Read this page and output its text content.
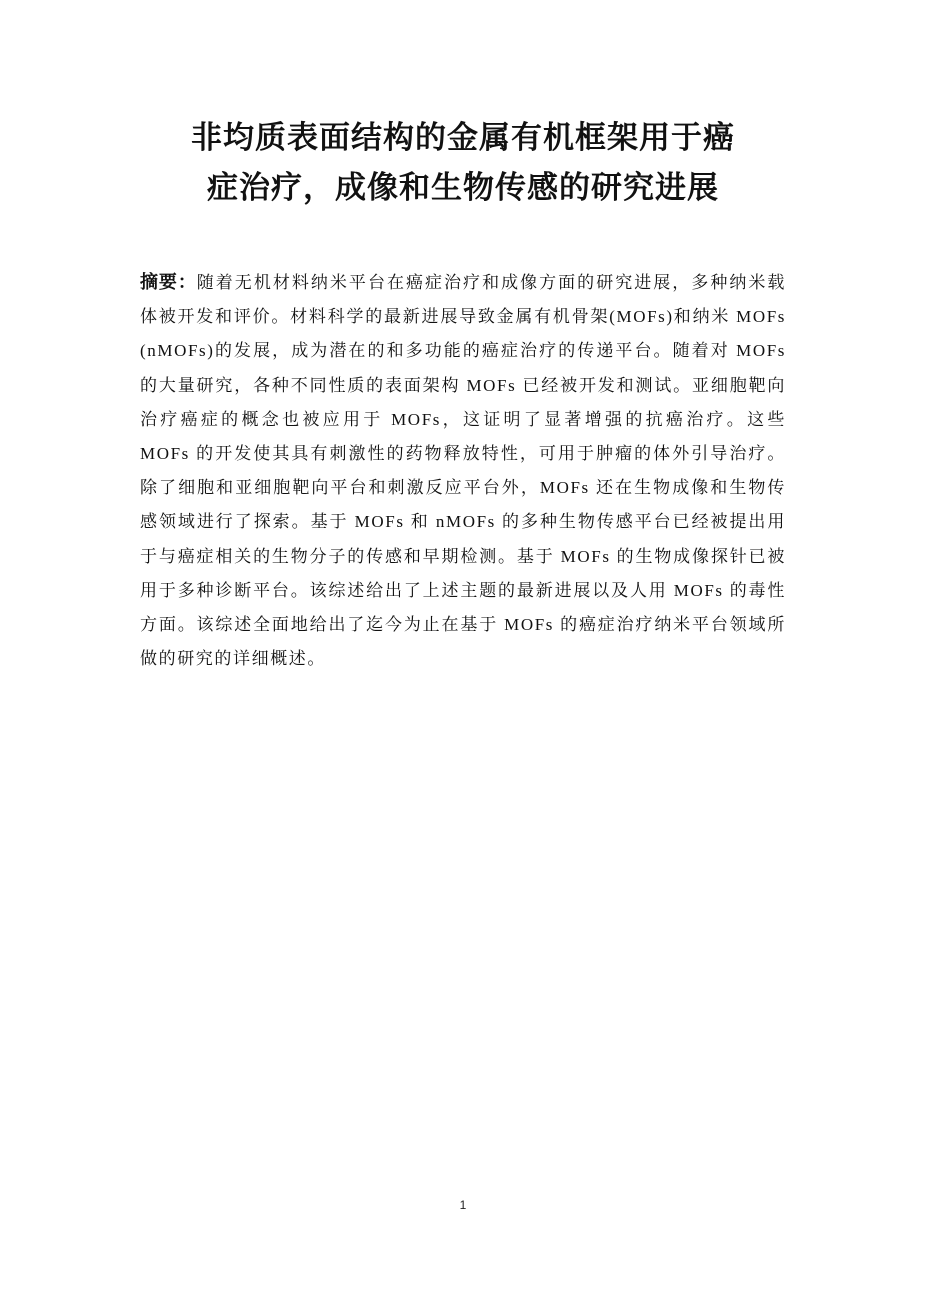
非均质表面结构的金属有机框架用于癌
症治疗，成像和生物传感的研究进展

摘要：随着无机材料纳米平台在癌症治疗和成像方面的研究进展，多种纳米载体被开发和评价。材料科学的最新进展导致金属有机骨架(MOFs)和纳米 MOFs (nMOFs)的发展，成为潜在的和多功能的癌症治疗的传递平台。随着对 MOFs 的大量研究，各种不同性质的表面架构 MOFs 已经被开发和测试。亚细胞靶向治疗癌症的概念也被应用于 MOFs，这证明了显著增强的抗癌治疗。这些 MOFs 的开发使其具有刺激性的药物释放特性，可用于肿瘤的体外引导治疗。除了细胞和亚细胞靶向平台和刺激反应平台外，MOFs 还在生物成像和生物传感领域进行了探索。基于 MOFs 和 nMOFs 的多种生物传感平台已经被提出用于与癌症相关的生物分子的传感和早期检测。基于 MOFs 的生物成像探针已被用于多种诊断平台。该综述给出了上述主题的最新进展以及人用 MOFs 的毒性方面。该综述全面地给出了迄今为止在基于 MOFs 的癌症治疗纳米平台领域所做的研究的详细概述。

1
